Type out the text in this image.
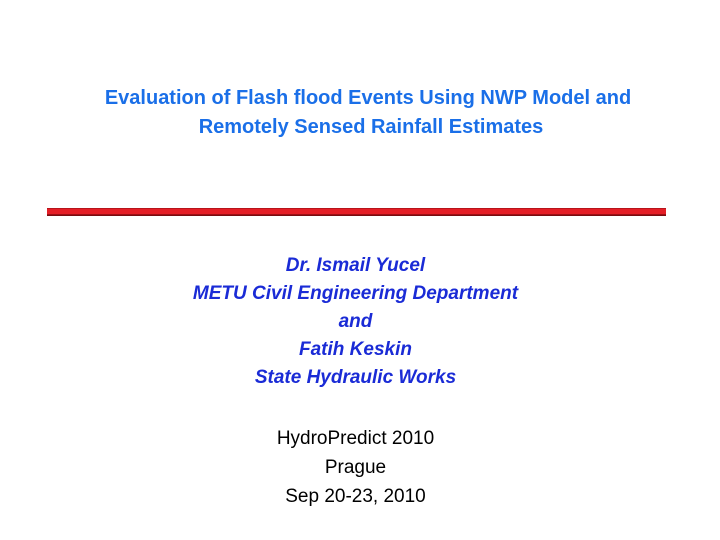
Evaluation of Flash flood Events Using NWP Model and
Remotely Sensed Rainfall Estimates
Dr. Ismail Yucel
METU Civil Engineering Department
and
Fatih Keskin
State Hydraulic Works
HydroPredict 2010
Prague
Sep 20-23, 2010
